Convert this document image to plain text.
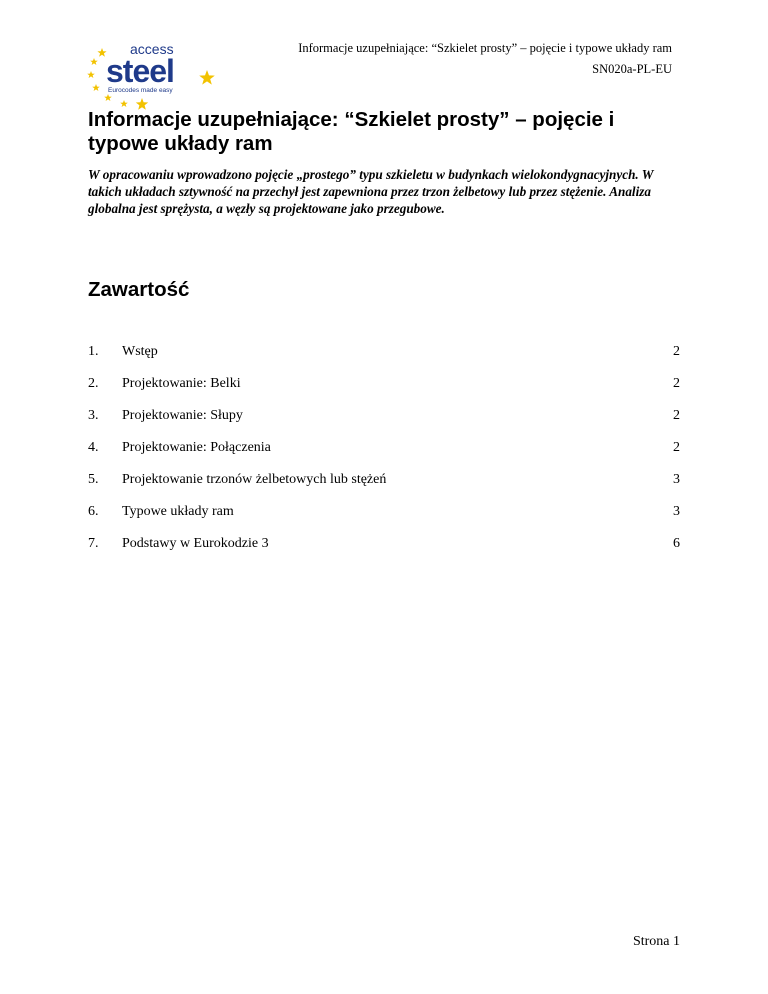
Informacje uzupełniające: “Szkielet prosty” – pojęcie i typowe układy ram
SN020a-PL-EU
access
steel
Eurocodes made easy
Informacje uzupełniające: “Szkielet prosty” – pojęcie i typowe układy ram

W opracowaniu wprowadzono pojęcie „prostego” typu szkieletu w budynkach wielokondygnacyjnych. W takich układach sztywność na przechył jest zapewniona przez trzon żelbetowy lub przez stężenie. Analiza globalna jest sprężysta, a węzły są projektowane jako przegubowe.

Zawartość
1. Wstęp	2
2. Projektowanie: Belki	2
3. Projektowanie: Słupy	2
4. Projektowanie: Połączenia	2
5. Projektowanie trzonów żelbetowych lub stężeń	3
6. Typowe układy ram	3
7. Podstawy w Eurokodzie 3	6
Strona 1
